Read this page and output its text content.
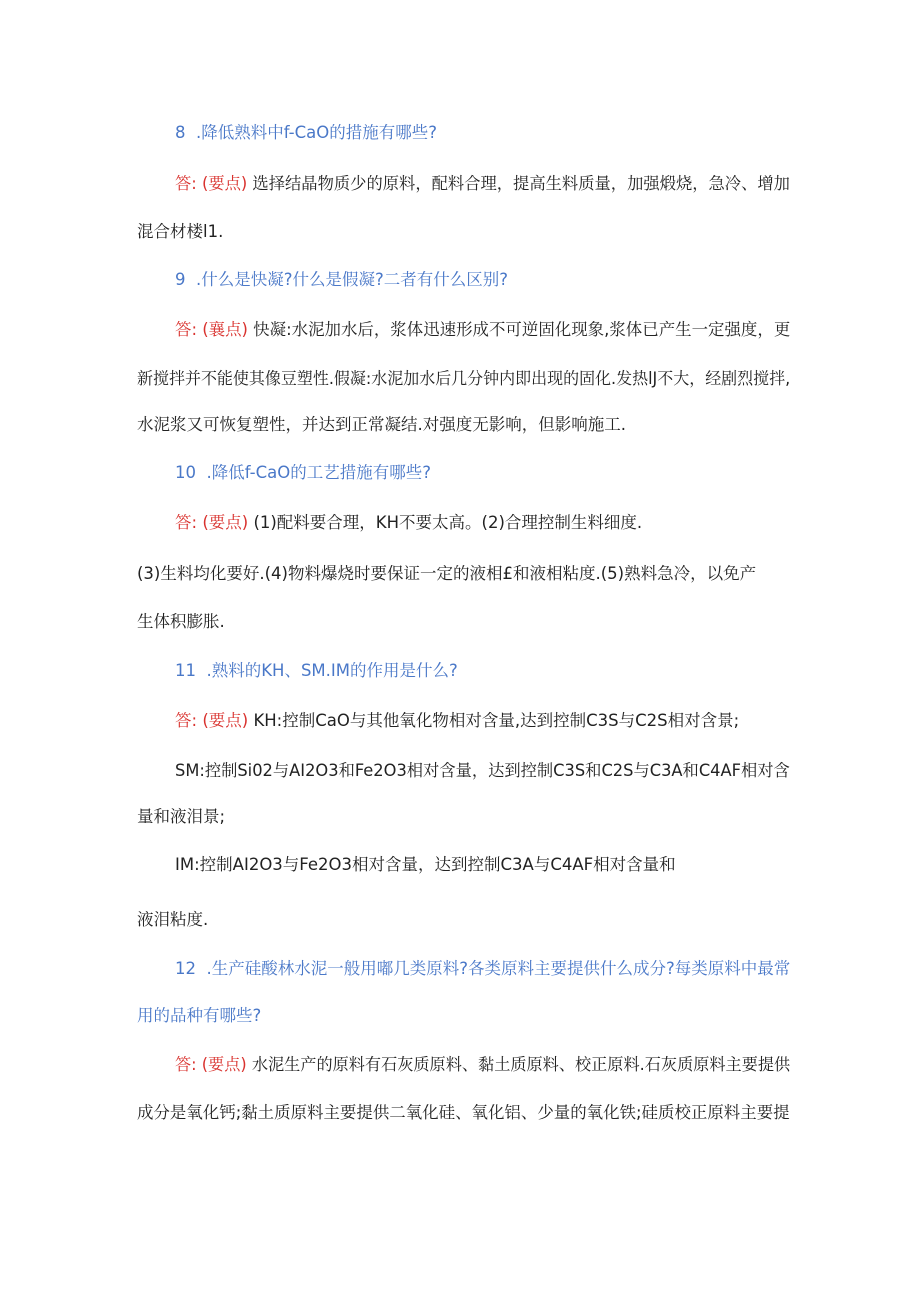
8  .降低熟料中f-CaO的措施有哪些?
答: (要点) 选择结晶物质少的原料，配料合理，提高生料质量，加强煅烧，急冷、增加
混合材楼l1.
9  .什么是快凝?什么是假凝?二者有什么区别?
答: (襄点) 快凝:水泥加水后，浆体迅速形成不可逆固化现象,浆体已产生一定强度，更
新搅拌并不能使其像豆塑性.假凝:水泥加水后几分钟内即出现的固化.发热lJ不大，经剧烈搅拌,
水泥浆又可恢复塑性，并达到正常凝结.对强度无影响，但影响施工.
10  .降低f-CaO的工艺措施有哪些?
答: (要点) (1)配料要合理，KH不要太高。(2)合理控制生料细度.
(3)生料均化要好.(4)物料爆烧时要保证一定的液相£和液相粘度.(5)熟料急冷，以免产
生体积膨胀.
11  .熟料的KH、SM.IM的作用是什么?
答: (要点) KH:控制CaO与其他氧化物相对含量,达到控制C3S与C2S相对含景;
SM:控制Si02与AI2O3和Fe2O3相对含量，达到控制C3S和C2S与C3A和C4AF相对含
量和液泪景;
IM:控制AI2O3与Fe2O3相对含量，达到控制C3A与C4AF相对含量和
液泪粘度.
12  .生产硅酸林水泥一般用嘟几类原料?各类原料主要提供什么成分?每类原料中最常
用的品种有哪些?
答: (要点) 水泥生产的原料有石灰质原料、黏土质原料、校正原料.石灰质原料主要提供
成分是氧化钙;黏土质原料主要提供二氧化硅、氧化铝、少量的氧化铁;硅质校正原料主要提
